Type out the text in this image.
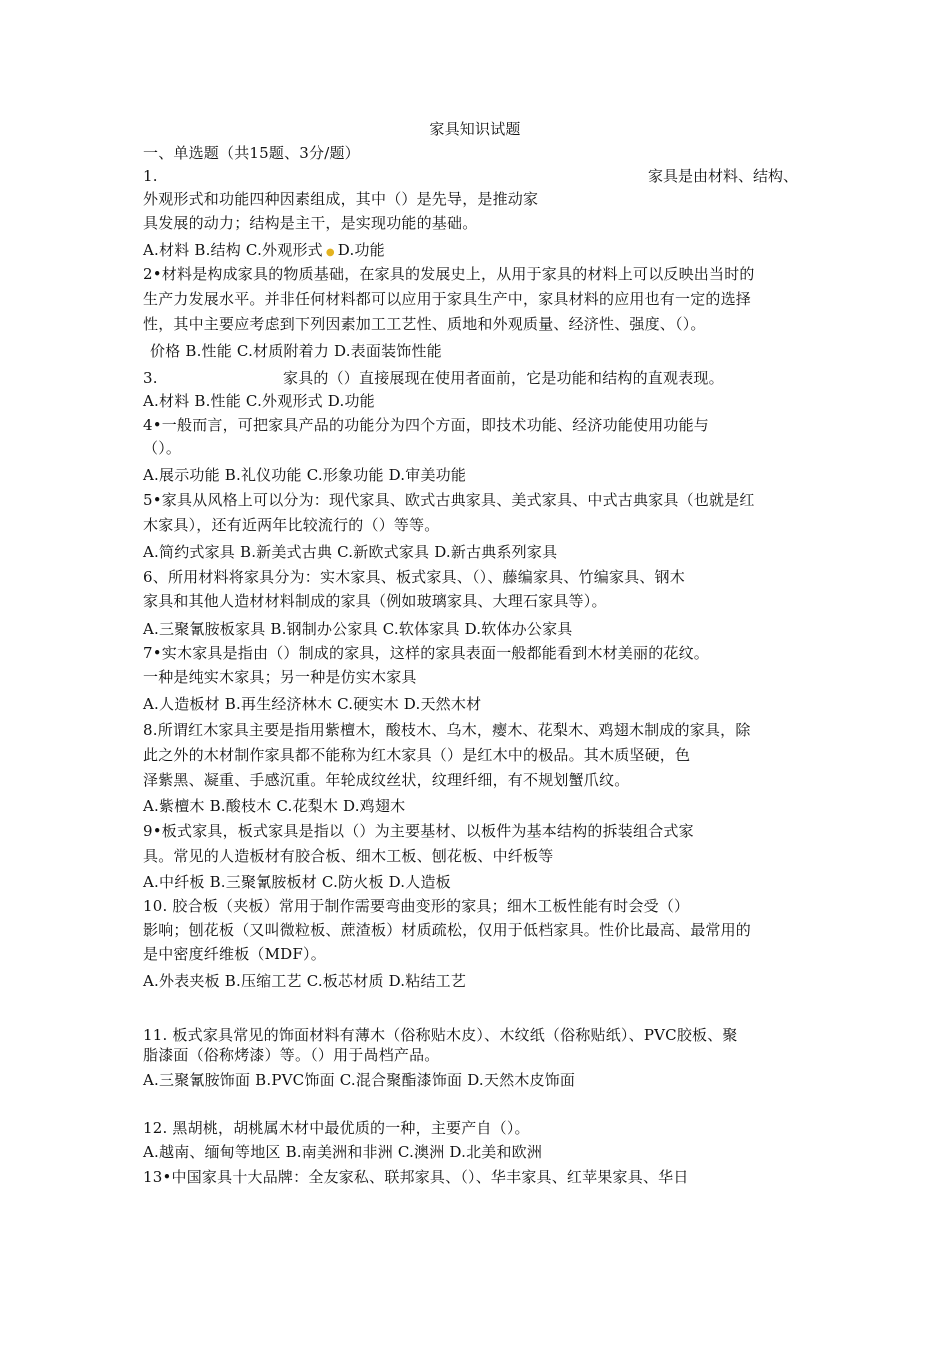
家具知识试题
一、单选题（共15题、3分/题）
1.	家具是由材料、结构、
外观形式和功能四种因素组成，其中（）是先导，是推动家
具发展的动力；结构是主干，是实现功能的基础。
A.材料 B.结构 C.外观形式 ● D.功能
2•材料是构成家具的物质基础，在家具的发展史上，从用于家具的材料上可以反映出当时的
生产力发展水平。并非任何材料都可以应用于家具生产中，家具材料的应用也有一定的选择
性，其中主要应考虑到下列因素加工工艺性、质地和外观质量、经济性、强度、（）。
价格 B.性能 C.材质附着力 D.表面装饰性能
3.	家具的（）直接展现在使用者面前，它是功能和结构的直观表现。
A.材料 B.性能 C.外观形式 D.功能
4•一般而言，可把家具产品的功能分为四个方面，即技术功能、经济功能使用功能与
（）。
A.展示功能 B.礼仪功能 C.形象功能 D.审美功能
5•家具从风格上可以分为：现代家具、欧式古典家具、美式家具、中式古典家具（也就是红
木家具），还有近两年比较流行的（）等等。
A.简约式家具 B.新美式古典 C.新欧式家具 D.新古典系列家具
6、所用材料将家具分为：实木家具、板式家具、（）、藤编家具、竹编家具、钢木
家具和其他人造材材料制成的家具（例如玻璃家具、大理石家具等）。
A.三聚氰胺板家具 B.钢制办公家具 C.软体家具 D.软体办公家具
7•实木家具是指由（）制成的家具，这样的家具表面一般都能看到木材美丽的花纹。
一种是纯实木家具；另一种是仿实木家具
A.人造板材 B.再生经济林木 C.硬实木 D.天然木材
8.所谓红木家具主要是指用紫檀木，酸枝木、乌木，瘿木、花梨木、鸡翅木制成的家具，除
此之外的木材制作家具都不能称为红木家具（）是红木中的极品。其木质坚硬，色
泽紫黑、凝重、手感沉重。年轮成纹丝状，纹理纤细，有不规划蟹爪纹。
A.紫檀木 B.酸枝木 C.花梨木 D.鸡翅木
9•板式家具，板式家具是指以（）为主要基材、以板件为基本结构的拆装组合式家
具。常见的人造板材有胶合板、细木工板、刨花板、中纤板等
A.中纤板 B.三聚氰胺板材 C.防火板 D.人造板
10. 胶合板（夹板）常用于制作需要弯曲变形的家具；细木工板性能有时会受（）
影响；刨花板（又叫微粒板、蔗渣板）材质疏松，仅用于低档家具。性价比最高、最常用的
是中密度纤维板（MDF）。
A.外表夹板 B.压缩工艺 C.板芯材质 D.粘结工艺
11. 板式家具常见的饰面材料有薄木（俗称贴木皮）、木纹纸（俗称贴纸）、PVC胶板、聚
脂漆面（俗称烤漆）等。（）用于咼档产品。
A.三聚氰胺饰面 B.PVC饰面 C.混合聚酯漆饰面 D.天然木皮饰面
12. 黑胡桃，胡桃属木材中最优质的一种，主要产自（）。
A.越南、缅甸等地区 B.南美洲和非洲 C.澳洲 D.北美和欧洲
13•中国家具十大品牌：全友家私、联邦家具、（）、华丰家具、红苹果家具、华日
